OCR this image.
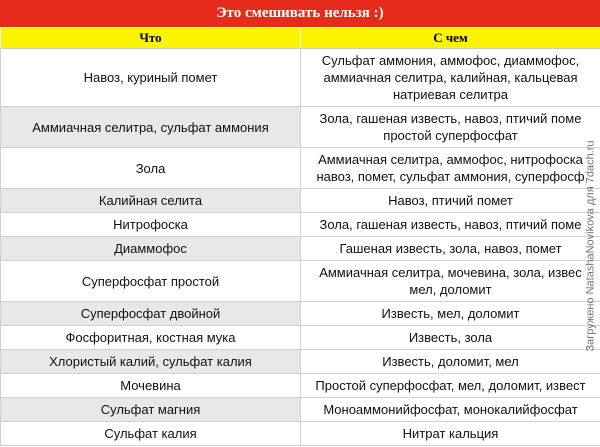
Это смешивать нельзя :)
Что	С чем
Навоз, куриный помет	Сульфат аммония, аммофос, диаммофос,
аммиачная селитра, калийная, кальцевая
натриевая селитра

Аммиачная селитра, сульфат аммония	Зола, гашеная известь, навоз, птичий поме
простой суперфосфат

Зола	Аммиачная селитра, аммофос, нитрофоска
навоз, помет, сульфат аммония, суперфосф

Калийная селита	Навоз, птичий помет

Нитрофоска	Зола, гашеная известь, навоз, птичий поме

Диаммофос	Гашеная известь, зола, навоз, помет

Суперфосфат простой	Аммиачная селитра, мочевина, зола, извес
мел, доломит

Суперфосфат двойной	Известь, мел, доломит

Фосфоритная, костная мука	Известь, зола

Хлористый калий, сульфат калия	Известь, доломит, мел

Мочевина	Простой суперфосфат, мел, доломит, извест

Сульфат магния	Моноаммонийфосфат, монокалийфосфат

Сульфат калия	Нитрат кальция
Загружено NatashaNovikova для 7dach.ru
